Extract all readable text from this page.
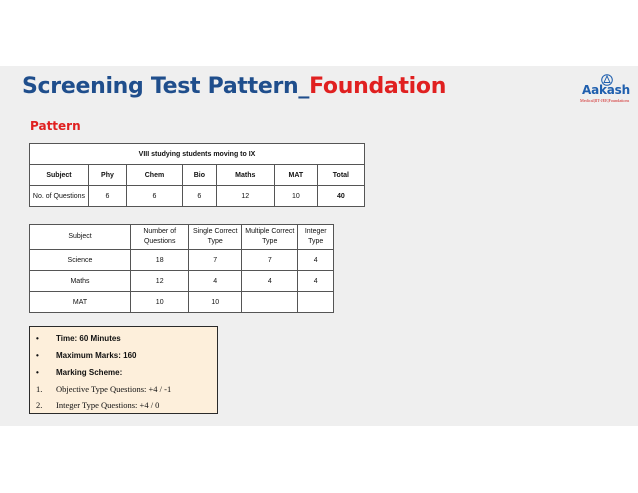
Screening Test Pattern_Foundation	Aakash
Medical|IIT-JEE|Foundations
Pattern
VIII studying students moving to IX						
Subject	Phy	Chem	Bio	Maths	MAT	Total
No. of Questions	6	6	6	12	10	40
Subject	Number of Questions	Single Correct Type	Multiple Correct Type	Integer Type
Science	18	7	7	4
Maths	12	4	4	4
MAT	10	10		
• Time: 60 Minutes
• Maximum Marks: 160
• Marking Scheme:
1. Objective Type Questions: +4 / -1
2. Integer Type Questions: +4 / 0
